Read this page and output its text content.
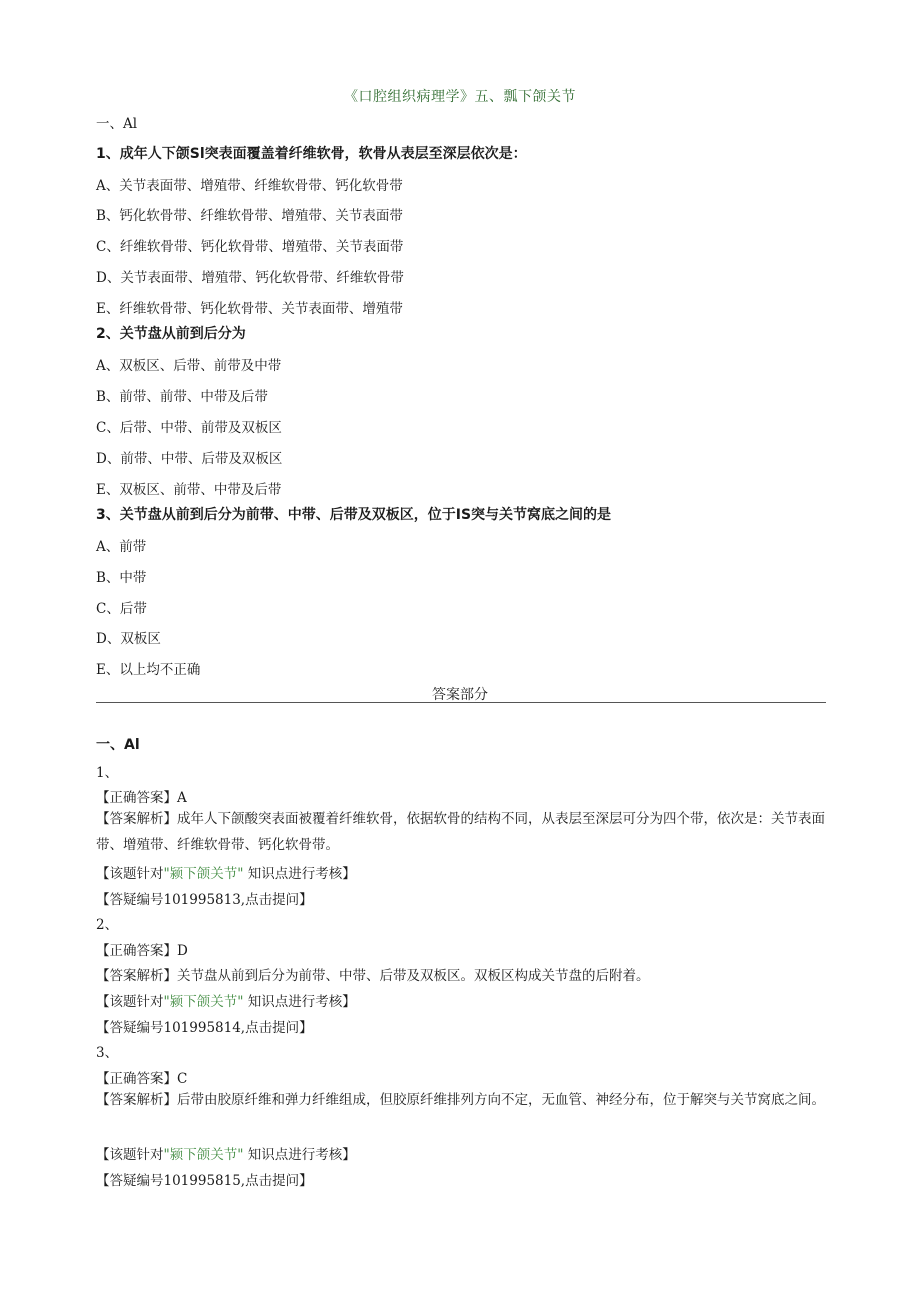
《口腔组织病理学》五、瓢下颌关节
一、Al
1、成年人下颌Sl突表面覆盖着纤维软骨，软骨从表层至深层依次是：
A、关节表面带、增殖带、纤维软骨带、钙化软骨带
B、钙化软骨带、纤维软骨带、增殖带、关节表面带
C、纤维软骨带、钙化软骨带、增殖带、关节表面带
D、关节表面带、增殖带、钙化软骨带、纤维软骨带
E、纤维软骨带、钙化软骨带、关节表面带、增殖带
2、关节盘从前到后分为
A、双板区、后带、前带及中带
B、前带、前带、中带及后带
C、后带、中带、前带及双板区
D、前带、中带、后带及双板区
E、双板区、前带、中带及后带
3、关节盘从前到后分为前带、中带、后带及双板区，位于IS突与关节窝底之间的是
A、前带
B、中带
C、后带
D、双板区
E、以上均不正确
答案部分
一、Al
1、
【正确答案】A
【答案解析】成年人下颌酸突表面被覆着纤维软骨，依据软骨的结构不同，从表层至深层可分为四个带，依次是：关节表面带、增殖带、纤维软骨带、钙化软骨带。
【该题针对"颍下颌关节" 知识点进行考核】
【答疑编号101995813,点击提问】
2、
【正确答案】D
【答案解析】关节盘从前到后分为前带、中带、后带及双板区。双板区构成关节盘的后附着。
【该题针对"颍下颌关节" 知识点进行考核】
【答疑编号101995814,点击提问】
3、
【正确答案】C
【答案解析】后带由胶原纤维和弹力纤维组成，但胶原纤维排列方向不定，无血管、神经分布，位于解突与关节窝底之间。
【该题针对"颍下颌关节" 知识点进行考核】
【答疑编号101995815,点击提问】
